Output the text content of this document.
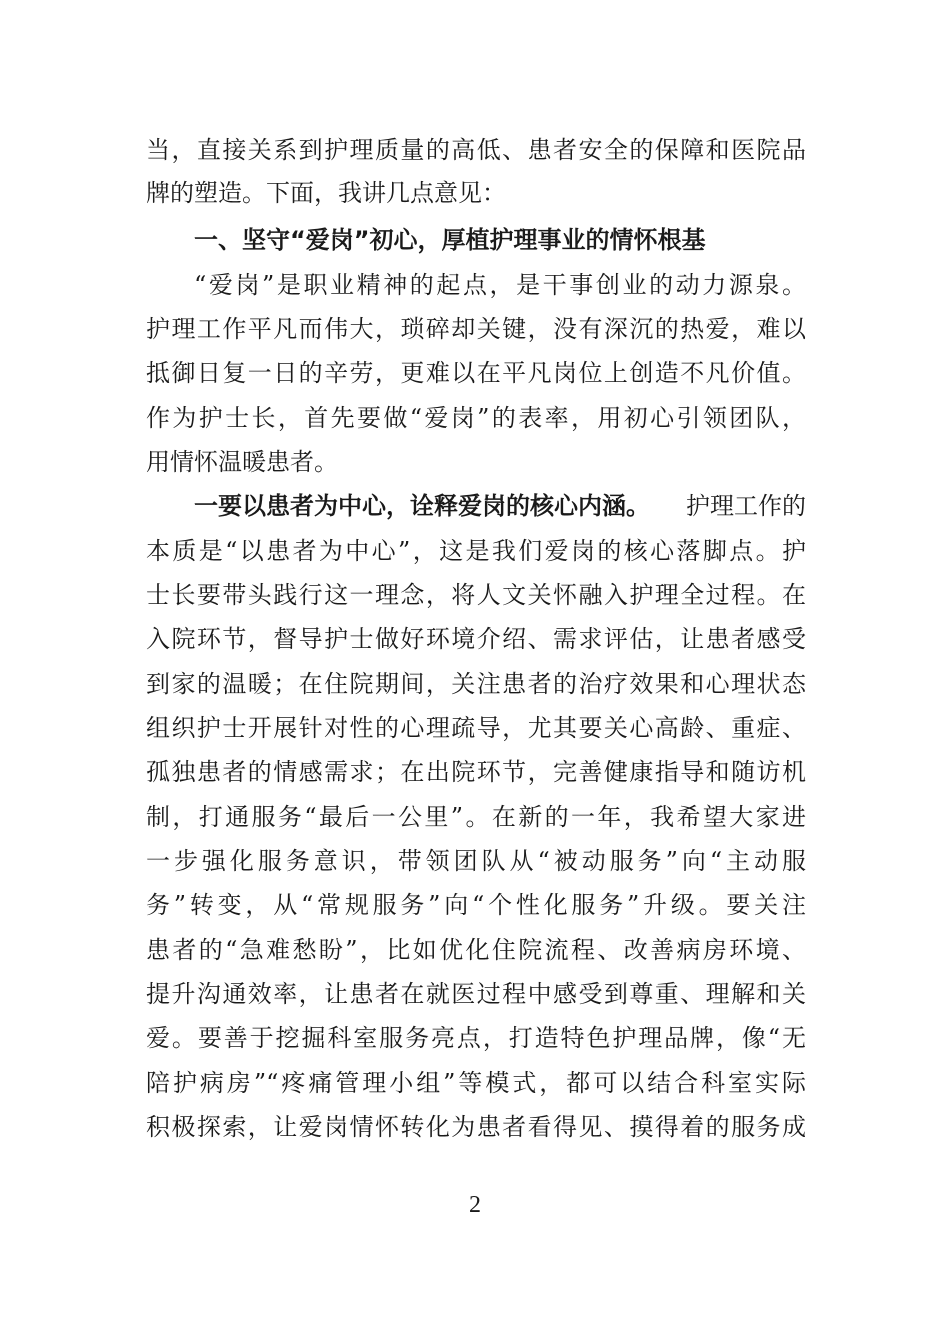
当，直接关系到护理质量的高低、患者安全的保障和医院品
牌的塑造。下面，我讲几点意见：
一、坚守“爱岗”初心，厚植护理事业的情怀根基
“爱岗”是职业精神的起点，是干事创业的动力源泉。
护理工作平凡而伟大，琐碎却关键，没有深沉的热爱，难以
抵御日复一日的辛劳，更难以在平凡岗位上创造不凡价值。
作为护士长，首先要做“爱岗”的表率，用初心引领团队，
用情怀温暖患者。
一要以患者为中心，诠释爱岗的核心内涵。 护理工作的
本质是“以患者为中心”，这是我们爱岗的核心落脚点。护
士长要带头践行这一理念，将人文关怀融入护理全过程。在
入院环节，督导护士做好环境介绍、需求评估，让患者感受
到家的温暖；在住院期间，关注患者的治疗效果和心理状态
组织护士开展针对性的心理疏导，尤其要关心高龄、重症、
孤独患者的情感需求；在出院环节，完善健康指导和随访机
制，打通服务“最后一公里”。在新的一年，我希望大家进
一步强化服务意识，带领团队从“被动服务”向“主动服
务”转变，从“常规服务”向“个性化服务”升级。要关注
患者的“急难愁盼”，比如优化住院流程、改善病房环境、
提升沟通效率，让患者在就医过程中感受到尊重、理解和关
爱。要善于挖掘科室服务亮点，打造特色护理品牌，像“无
陪护病房”“疼痛管理小组”等模式，都可以结合科室实际
积极探索，让爱岗情怀转化为患者看得见、摸得着的服务成
2
